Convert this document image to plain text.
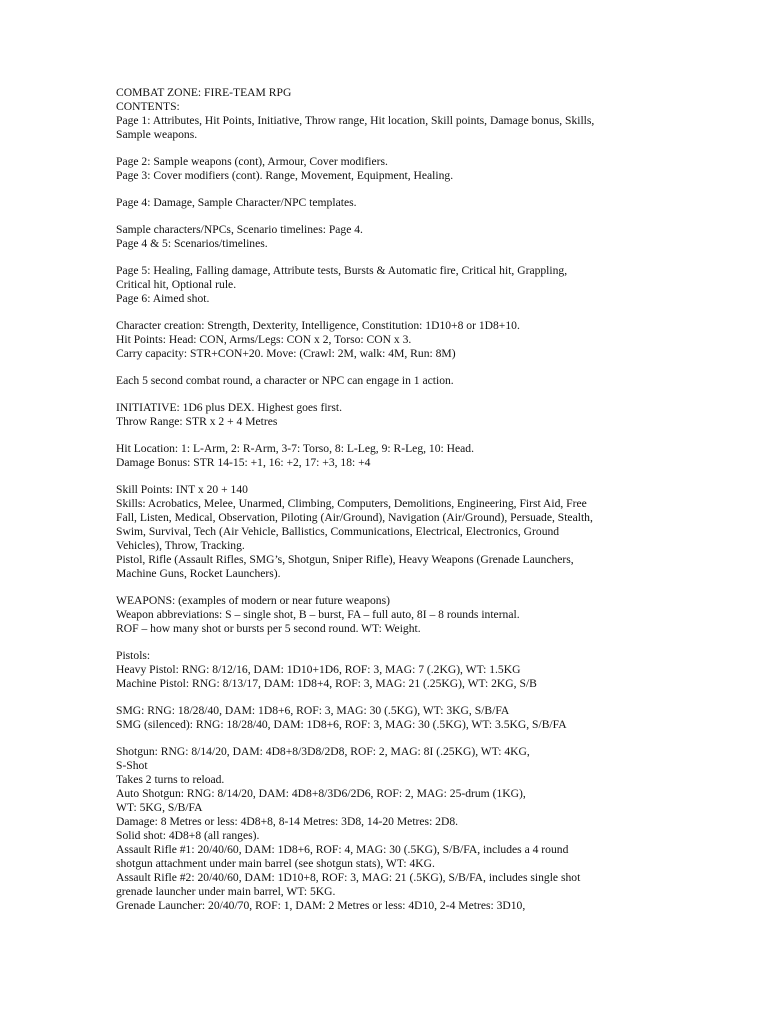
COMBAT ZONE: FIRE-TEAM RPG
CONTENTS:
Page 1: Attributes, Hit Points, Initiative, Throw range, Hit location, Skill points, Damage bonus, Skills,
Sample weapons.
Page 2: Sample weapons (cont), Armour, Cover modifiers.
Page 3: Cover modifiers (cont). Range, Movement, Equipment, Healing.
Page 4: Damage, Sample Character/NPC templates.
Sample characters/NPCs, Scenario timelines: Page 4.
Page 4 & 5: Scenarios/timelines.
Page 5: Healing, Falling damage, Attribute tests, Bursts & Automatic fire, Critical hit, Grappling,
Critical hit, Optional rule.
Page 6: Aimed shot.
Character creation: Strength, Dexterity, Intelligence, Constitution: 1D10+8 or 1D8+10.
Hit Points: Head: CON, Arms/Legs: CON x 2, Torso: CON x 3.
Carry capacity: STR+CON+20. Move: (Crawl: 2M, walk: 4M, Run: 8M)
Each 5 second combat round, a character or NPC can engage in 1 action.
INITIATIVE: 1D6 plus DEX. Highest goes first.
Throw Range: STR x 2 + 4 Metres
Hit Location: 1: L-Arm, 2: R-Arm, 3-7: Torso, 8: L-Leg, 9: R-Leg, 10: Head.
Damage Bonus: STR 14-15: +1, 16: +2, 17: +3, 18: +4
Skill Points: INT x 20 + 140
Skills: Acrobatics, Melee, Unarmed, Climbing, Computers, Demolitions, Engineering, First Aid, Free
Fall, Listen, Medical, Observation, Piloting (Air/Ground), Navigation (Air/Ground), Persuade, Stealth,
Swim, Survival, Tech (Air Vehicle, Ballistics, Communications, Electrical, Electronics, Ground
Vehicles), Throw, Tracking.
Pistol, Rifle (Assault Rifles, SMG’s, Shotgun, Sniper Rifle), Heavy Weapons (Grenade Launchers,
Machine Guns, Rocket Launchers).
WEAPONS: (examples of modern or near future weapons)
Weapon abbreviations: S – single shot, B – burst, FA – full auto, 8I – 8 rounds internal.
ROF – how many shot or bursts per 5 second round. WT: Weight.
Pistols:
Heavy Pistol: RNG: 8/12/16, DAM: 1D10+1D6, ROF: 3, MAG: 7 (.2KG), WT: 1.5KG
Machine Pistol: RNG: 8/13/17, DAM: 1D8+4, ROF: 3, MAG: 21 (.25KG), WT: 2KG, S/B
SMG: RNG: 18/28/40, DAM: 1D8+6, ROF: 3, MAG: 30 (.5KG), WT: 3KG, S/B/FA
SMG (silenced): RNG: 18/28/40, DAM: 1D8+6, ROF: 3, MAG: 30 (.5KG), WT: 3.5KG, S/B/FA
Shotgun: RNG: 8/14/20, DAM: 4D8+8/3D8/2D8, ROF: 2, MAG: 8I (.25KG), WT: 4KG,
S-Shot
Takes 2 turns to reload.
Auto Shotgun: RNG: 8/14/20, DAM: 4D8+8/3D6/2D6, ROF: 2, MAG: 25-drum (1KG),
WT: 5KG, S/B/FA
Damage: 8 Metres or less: 4D8+8, 8-14 Metres: 3D8, 14-20 Metres: 2D8.
Solid shot: 4D8+8 (all ranges).
Assault Rifle #1: 20/40/60, DAM: 1D8+6, ROF: 4, MAG: 30 (.5KG), S/B/FA, includes a 4 round
shotgun attachment under main barrel (see shotgun stats), WT: 4KG.
Assault Rifle #2: 20/40/60, DAM: 1D10+8, ROF: 3, MAG: 21 (.5KG), S/B/FA, includes single shot
grenade launcher under main barrel, WT: 5KG.
Grenade Launcher: 20/40/70, ROF: 1, DAM: 2 Metres or less: 4D10, 2-4 Metres: 3D10,
